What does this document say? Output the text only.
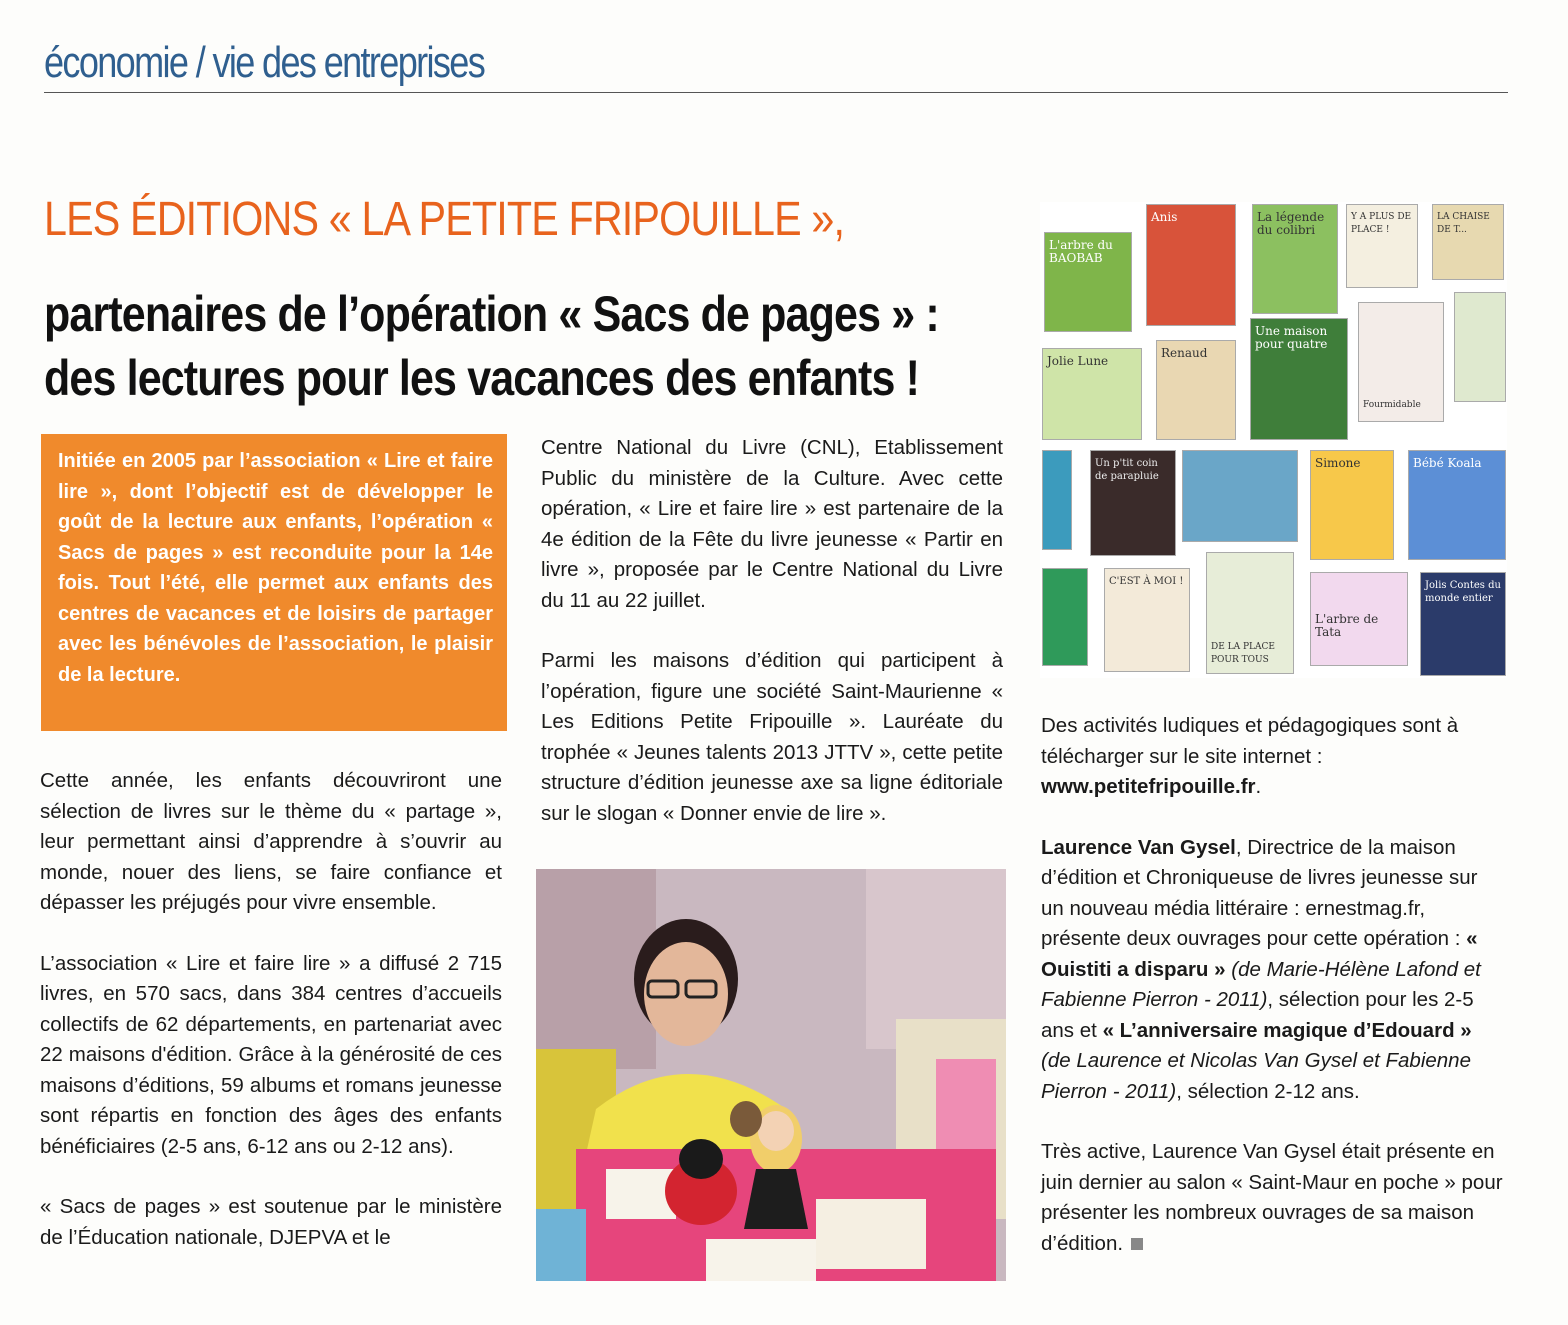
économie / vie des entreprises
LES ÉDITIONS « LA PETITE FRIPOUILLE »,
partenaires de l’opération « Sacs de pages » :
des lectures pour les vacances des enfants !

Initiée en 2005 par l’association « Lire et faire lire », dont l’objectif est de développer le goût de la lecture aux enfants, l’opération « Sacs de pages » est reconduite pour la 14e fois. Tout l’été, elle permet aux enfants des centres de vacances et de loisirs de partager avec les bénévoles de l’association, le plaisir de la lecture.

Cette année, les enfants découvriront une sélection de livres sur le thème du « partage », leur permettant ainsi d’apprendre à s’ouvrir au monde, nouer des liens, se faire confiance et dépasser les préjugés pour vivre ensemble.

L’association « Lire et faire lire » a diffusé 2 715 livres, en 570 sacs, dans 384 centres d’accueils collectifs de 62 départements, en partenariat avec 22 maisons d'édition. Grâce à la générosité de ces maisons d’éditions, 59 albums et romans jeunesse sont répartis en fonction des âges des enfants bénéficiaires (2-5 ans, 6-12 ans ou 2-12 ans).

« Sacs de pages » est soutenue par le ministère de l’Éducation nationale, DJEPVA et le

Centre National du Livre (CNL), Etablissement Public du ministère de la Culture. Avec cette opération, « Lire et faire lire » est partenaire de la 4e édition de la Fête du livre jeunesse « Partir en livre », proposée par le Centre National du Livre du 11 au 22 juillet.

Parmi les maisons d’édition qui participent à l’opération, figure une société Saint-Maurienne « Les Editions Petite Fripouille ». Lauréate du trophée « Jeunes talents 2013 JTTV », cette petite structure d’édition jeunesse axe sa ligne éditoriale sur le slogan « Donner envie de lire ».

Des activités ludiques et pédagogiques sont à télécharger sur le site internet : www.petitefripouille.fr.

Laurence Van Gysel, Directrice de la maison d’édition et Chroniqueuse de livres jeunesse sur un nouveau média littéraire : ernestmag.fr, présente deux ouvrages pour cette opération : « Ouistiti a disparu » (de Marie-Hélène Lafond et Fabienne Pierron - 2011), sélection pour les 2-5 ans et « L’anniversaire magique d’Edouard » (de Laurence et Nicolas Van Gysel et Fabienne Pierron - 2011), sélection 2-12 ans.

Très active, Laurence Van Gysel était présente en juin dernier au salon « Saint-Maur en poche » pour présenter les nombreux ouvrages de sa maison d’édition.

L'arbre du BAOBAB
Anis	La légende du colibri
Y A PLUS DE PLACE !
LA CHAISE DE T...
Jolie Lune
Renaud
Une maison pour quatre
Fourmidable
Un p'tit coin de parapluie
Simone	Bébé Koala
C'EST À MOI !
DE LA PLACE POUR TOUS
L'arbre de Tata
Jolis Contes du monde entier
